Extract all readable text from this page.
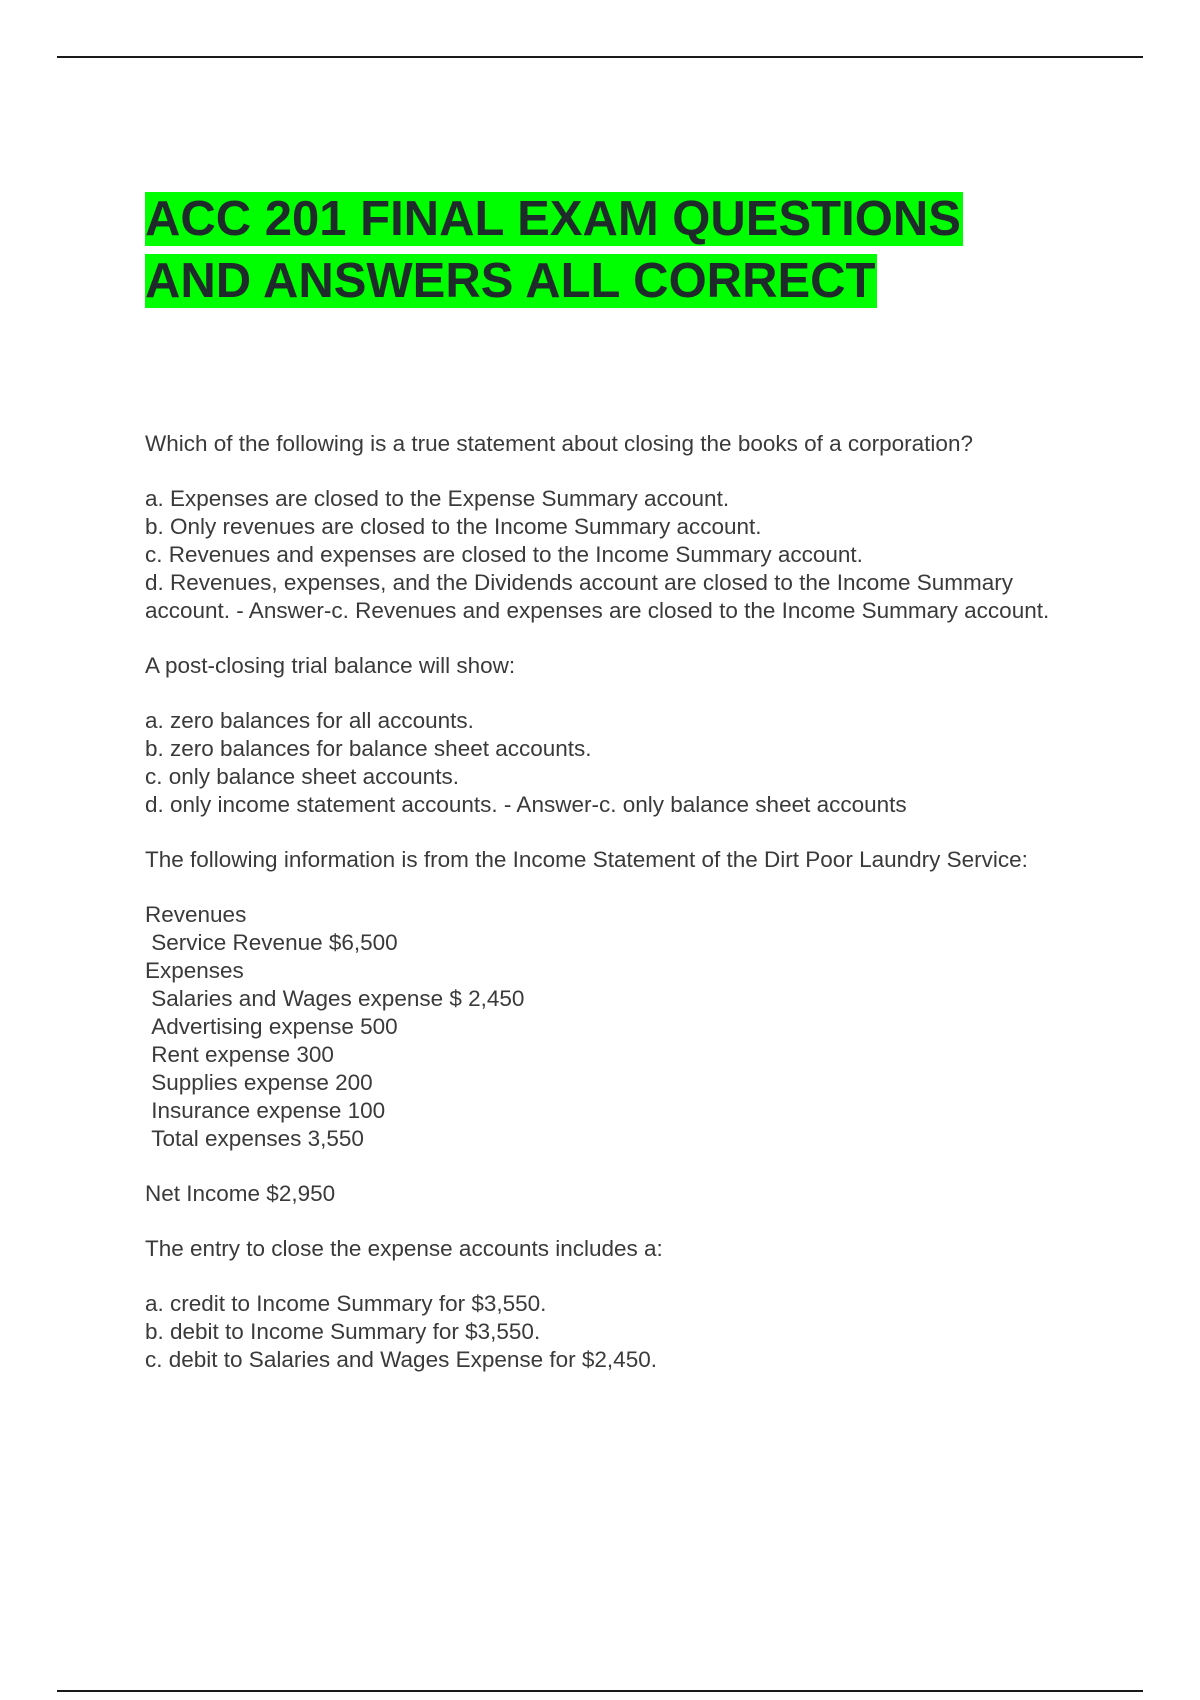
ACC 201 FINAL EXAM QUESTIONS
AND ANSWERS ALL CORRECT

Which of the following is a true statement about closing the books of a corporation?

a. Expenses are closed to the Expense Summary account.

b. Only revenues are closed to the Income Summary account.

c. Revenues and expenses are closed to the Income Summary account.

d. Revenues, expenses, and the Dividends account are closed to the Income Summary account. - Answer-c. Revenues and expenses are closed to the Income Summary account.

A post-closing trial balance will show:

a. zero balances for all accounts.

b. zero balances for balance sheet accounts.

c. only balance sheet accounts.

d. only income statement accounts. - Answer-c. only balance sheet accounts

The following information is from the Income Statement of the Dirt Poor Laundry Service:

Revenues

Service Revenue $6,500

Expenses

Salaries and Wages expense $ 2,450

Advertising expense 500

Rent expense 300

Supplies expense 200

Insurance expense 100

Total expenses 3,550

Net Income $2,950

The entry to close the expense accounts includes a:

a. credit to Income Summary for $3,550.

b. debit to Income Summary for $3,550.

c. debit to Salaries and Wages Expense for $2,450.
